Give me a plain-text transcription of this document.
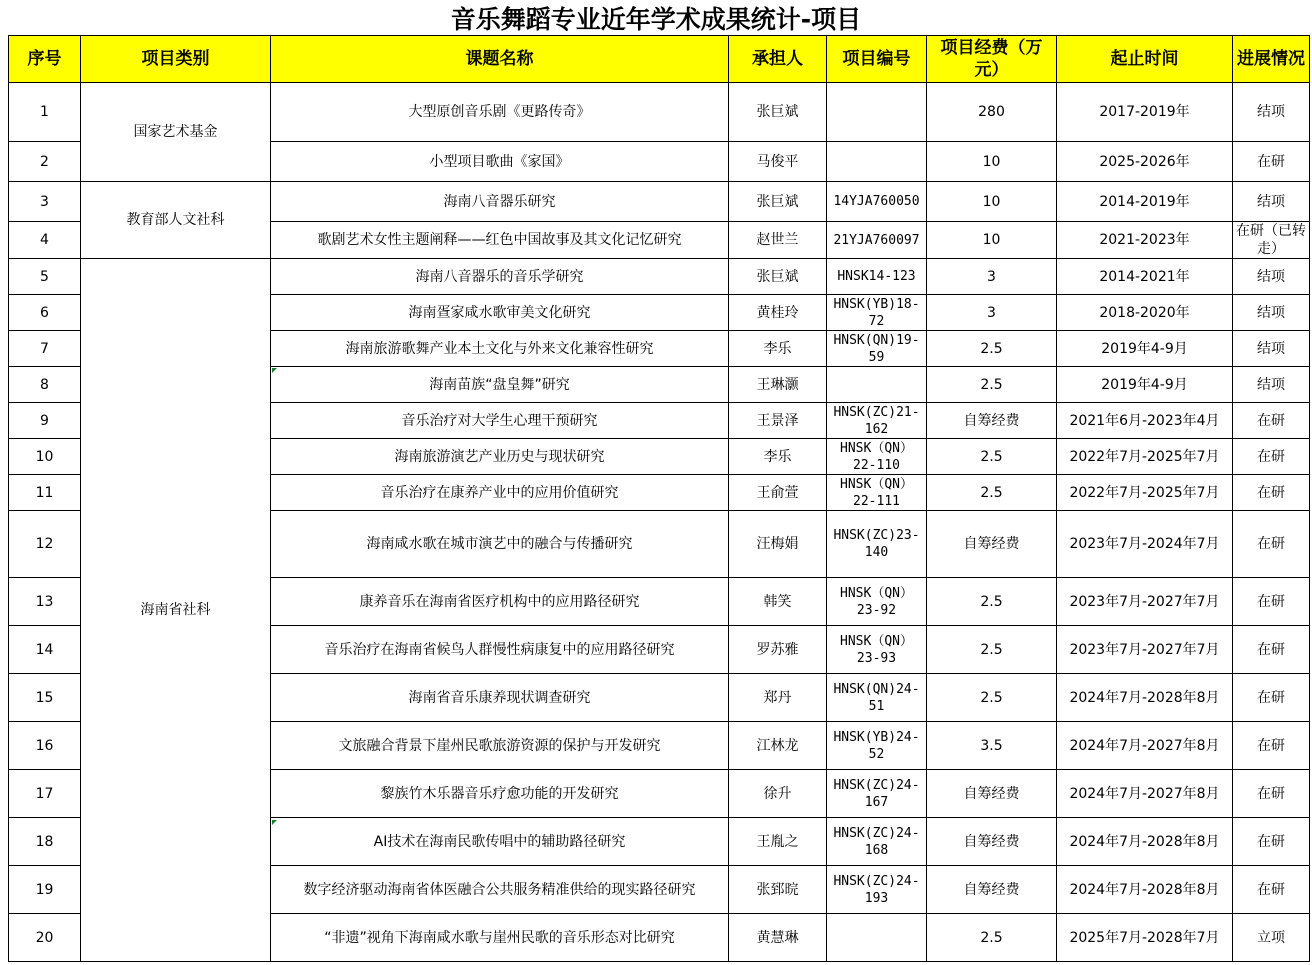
音乐舞蹈专业近年学术成果统计-项目
序号	项目类别	课题名称	承担人	项目编号	项目经费（万元）	起止时间	进展情况
1	国家艺术基金	大型原创音乐剧《更路传奇》	张巨斌		280	2017-2019年	结项
2		小型项目歌曲《家国》	马俊平		10	2025-2026年	在研
3	教育部人文社科	海南八音器乐研究	张巨斌	14YJA760050	10	2014-2019年	结项
4		歌剧艺术女性主题阐释——红色中国故事及其文化记忆研究	赵世兰	21YJA760097	10	2021-2023年	在研（已转走）
5	海南省社科	海南八音器乐的音乐学研究	张巨斌	HNSK14-123	3	2014-2021年	结项
6		海南疍家咸水歌审美文化研究	黄桂玲	HNSK(YB)18-72	3	2018-2020年	结项
7		海南旅游歌舞产业本土文化与外来文化兼容性研究	李乐	HNSK(QN)19-59	2.5	2019年4-9月	结项
8		海南苗族“盘皇舞”研究	王琳灏		2.5	2019年4-9月	结项
9		音乐治疗对大学生心理干预研究	王景泽	HNSK(ZC)21-162	自筹经费	2021年6月-2023年4月	在研
10		海南旅游演艺产业历史与现状研究	李乐	HNSK（QN）22-110	2.5	2022年7月-2025年7月	在研
11		音乐治疗在康养产业中的应用价值研究	王俞萱	HNSK（QN）22-111	2.5	2022年7月-2025年7月	在研
12		海南咸水歌在城市演艺中的融合与传播研究	汪梅娟	HNSK(ZC)23-140	自筹经费	2023年7月-2024年7月	在研
13		康养音乐在海南省医疗机构中的应用路径研究	韩笑	HNSK（QN）23-92	2.5	2023年7月-2027年7月	在研
14		音乐治疗在海南省候鸟人群慢性病康复中的应用路径研究	罗苏雅	HNSK（QN）23-93	2.5	2023年7月-2027年7月	在研
15		海南省音乐康养现状调查研究	郑丹	HNSK(QN)24-51	2.5	2024年7月-2028年8月	在研
16		文旅融合背景下崖州民歌旅游资源的保护与开发研究	江林龙	HNSK(YB)24-52	3.5	2024年7月-2027年8月	在研
17		黎族竹木乐器音乐疗愈功能的开发研究	徐升	HNSK(ZC)24-167	自筹经费	2024年7月-2027年8月	在研
18		AI技术在海南民歌传唱中的辅助路径研究	王胤之	HNSK(ZC)24-168	自筹经费	2024年7月-2028年8月	在研
19		数字经济驱动海南省体医融合公共服务精准供给的现实路径研究	张郅晥	HNSK(ZC)24-193	自筹经费	2024年7月-2028年8月	在研
20		“非遗”视角下海南咸水歌与崖州民歌的音乐形态对比研究	黄慧琳		2.5	2025年7月-2028年7月	立项
